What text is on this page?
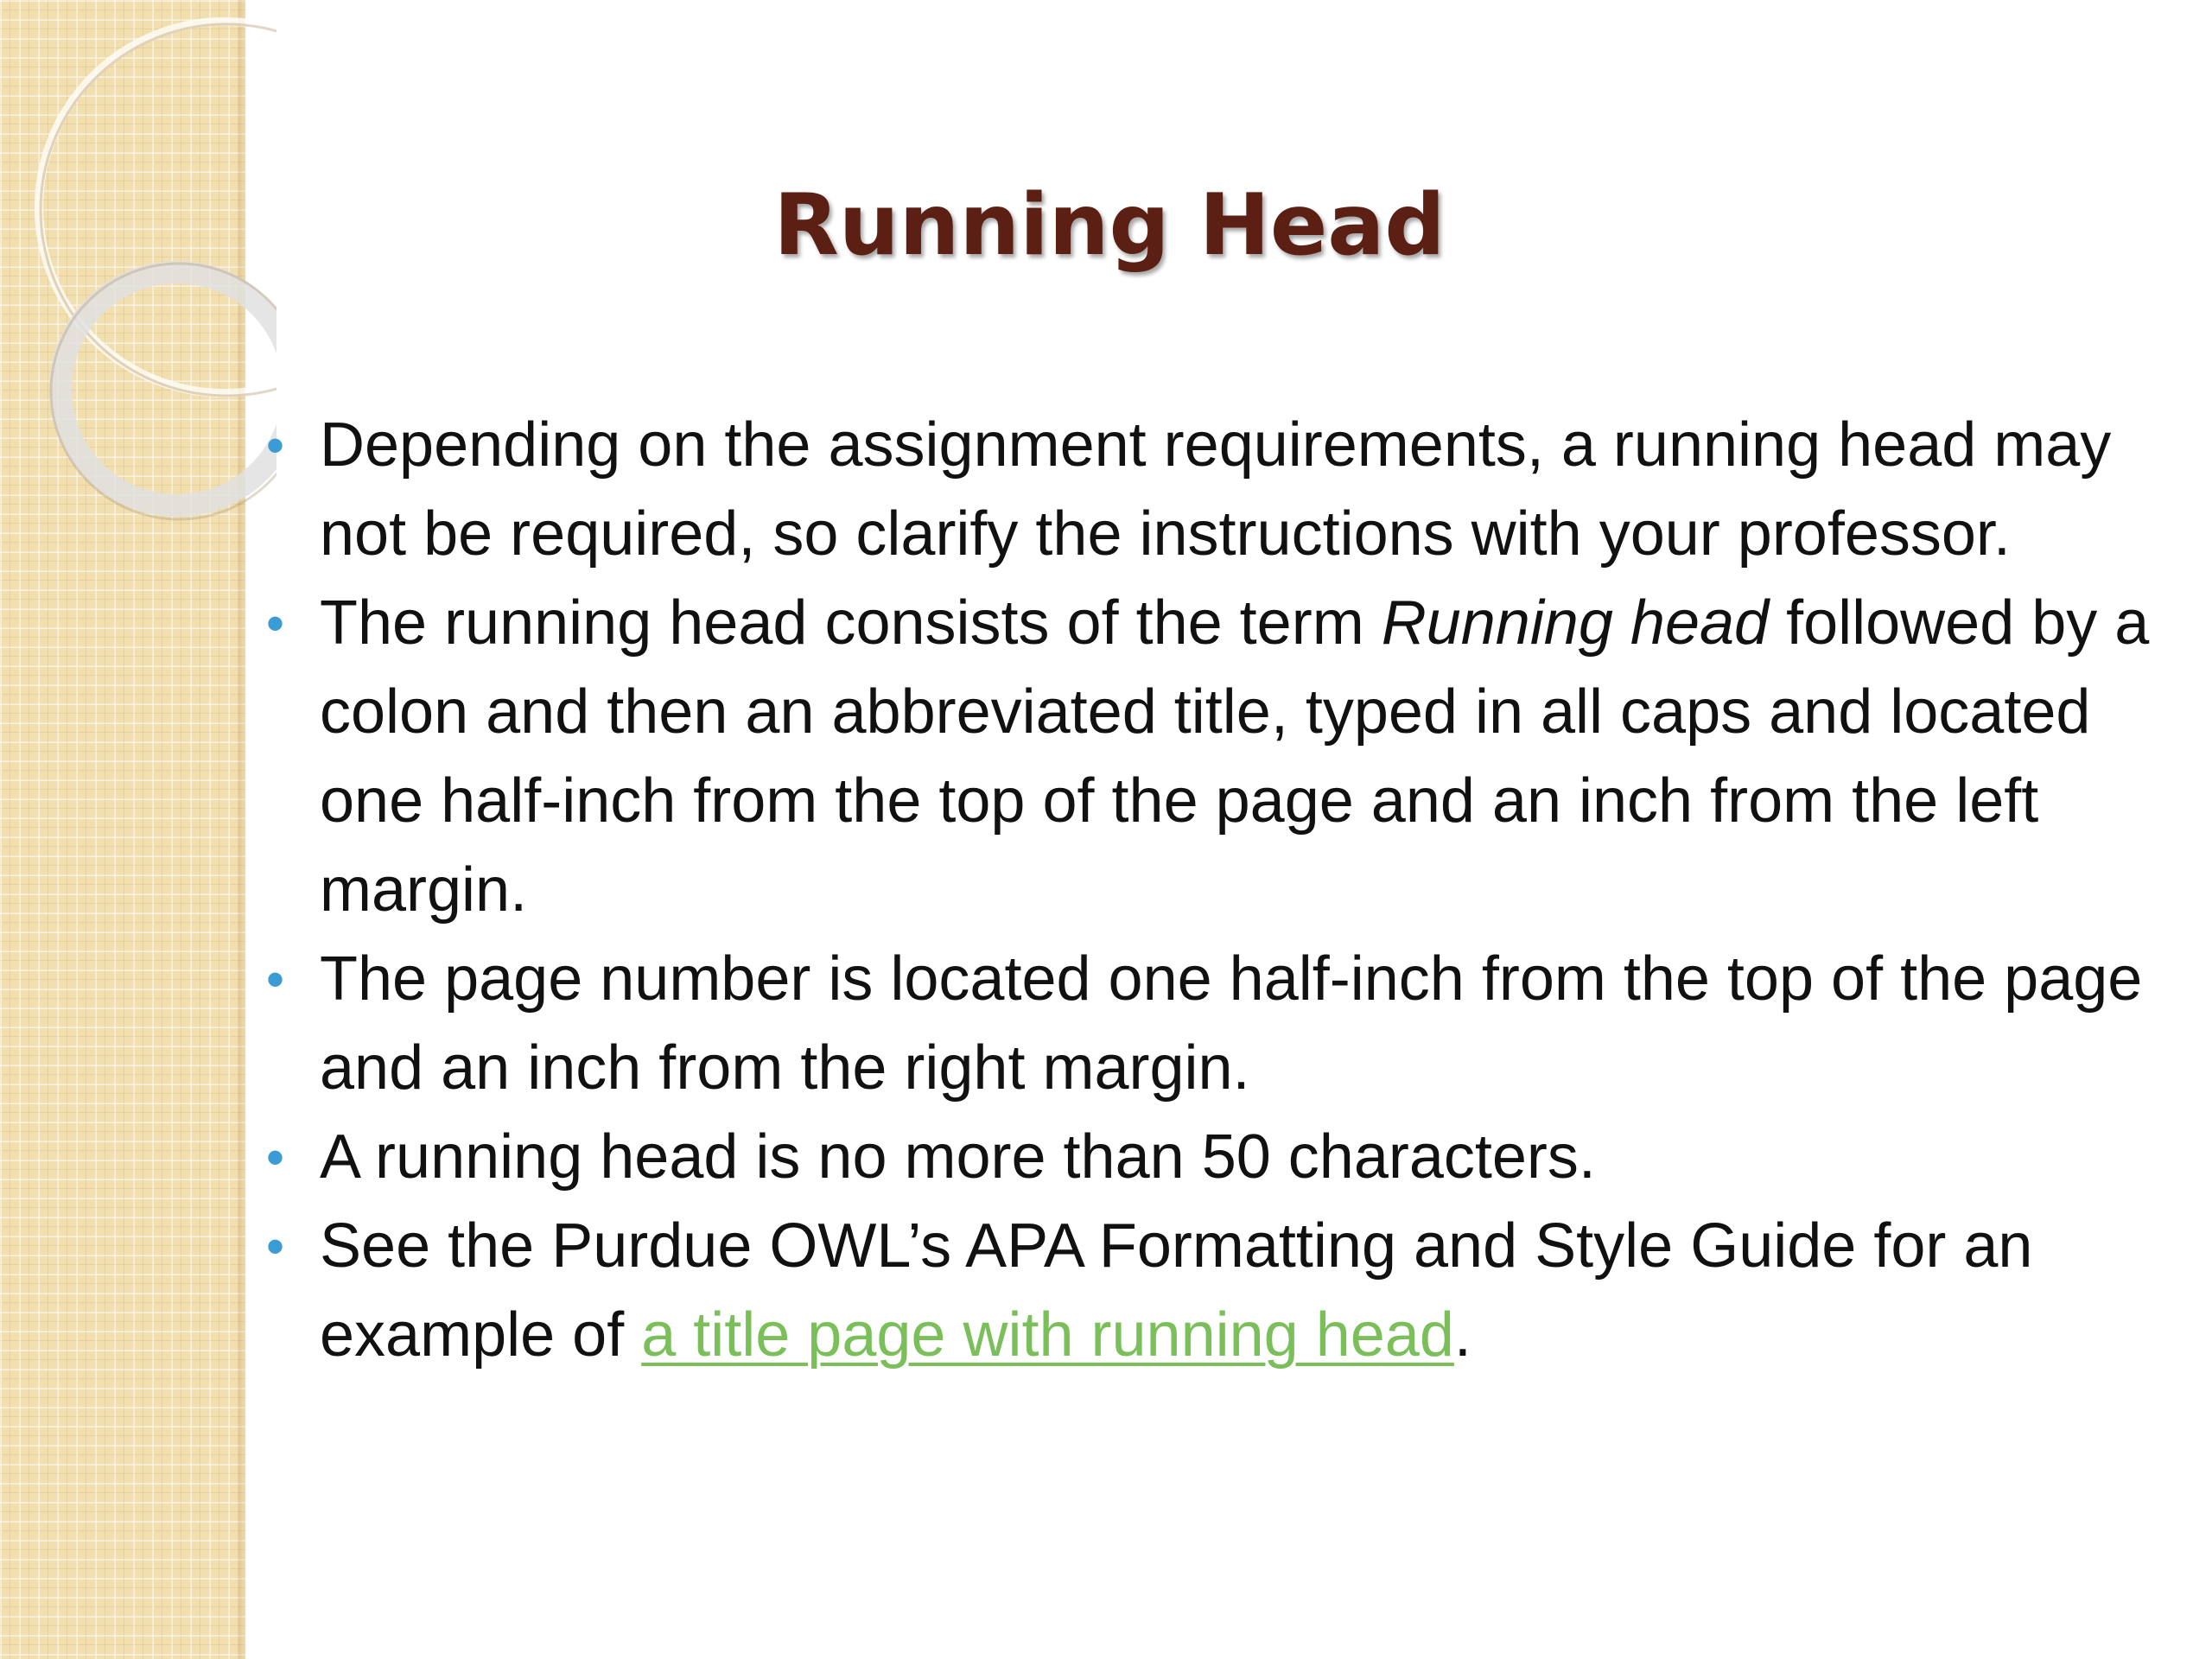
Running Head
• Depending on the assignment requirements, a running head may not be required, so clarify the instructions with your professor.
• The running head consists of the term Running head followed by a colon and then an abbreviated title, typed in all caps and located one half-inch from the top of the page and an inch from the left margin.
• The page number is located one half-inch from the top of the page and an inch from the right margin.
• A running head is no more than 50 characters.
• See the Purdue OWL’s APA Formatting and Style Guide for an example of a title page with running head.
